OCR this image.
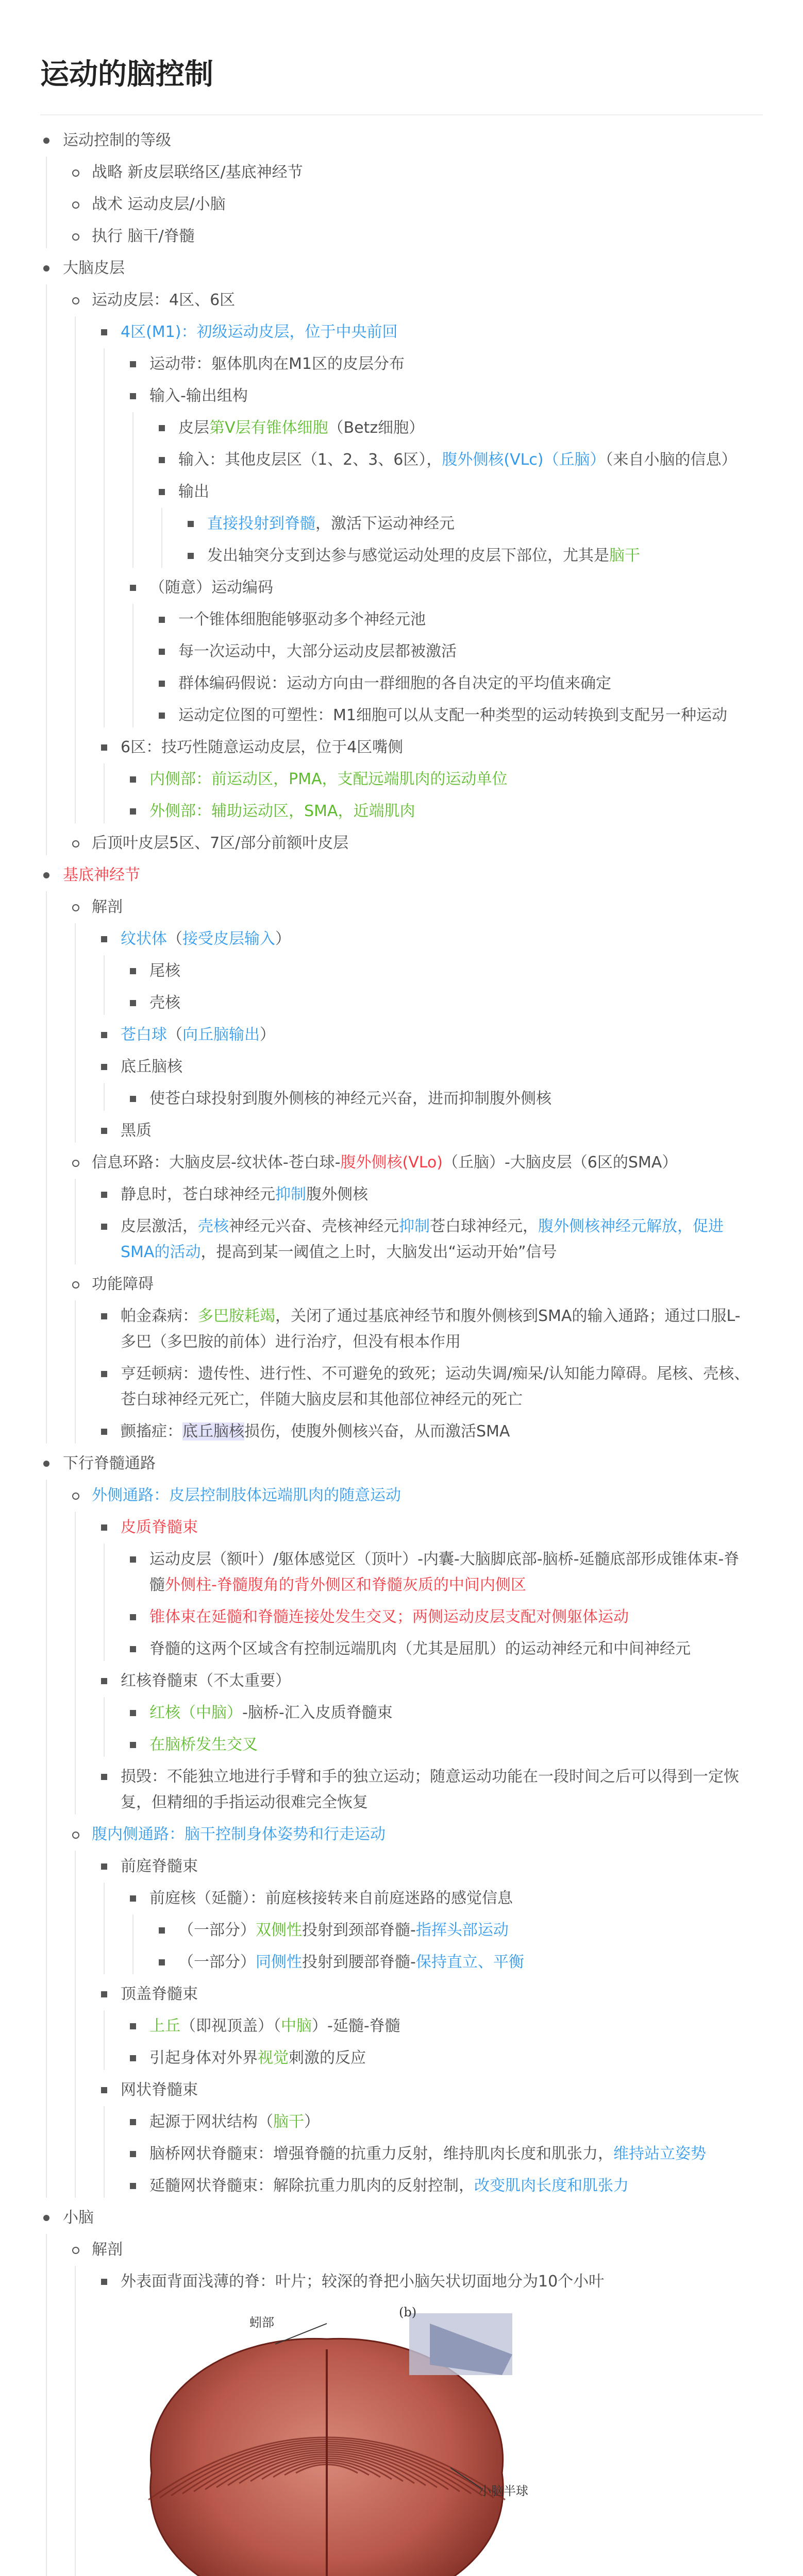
运动的脑控制
运动控制的等级
战略 新皮层联络区/基底神经节
战术 运动皮层/小脑
执行 脑干/脊髓
大脑皮层
运动皮层：4区、6区
4区(M1)：初级运动皮层，位于中央前回
运动带：躯体肌肉在M1区的皮层分布
输入-输出组构
皮层第V层有锥体细胞（Betz细胞）
输入：其他皮层区（1、2、3、6区），腹外侧核(VLc)（丘脑）（来自小脑的信息）
输出
直接投射到脊髓，激活下运动神经元
发出轴突分支到达参与感觉运动处理的皮层下部位，尤其是脑干
（随意）运动编码
一个锥体细胞能够驱动多个神经元池
每一次运动中，大部分运动皮层都被激活
群体编码假说：运动方向由一群细胞的各自决定的平均值来确定
运动定位图的可塑性：M1细胞可以从支配一种类型的运动转换到支配另一种运动
6区：技巧性随意运动皮层，位于4区嘴侧
内侧部：前运动区，PMA，支配远端肌肉的运动单位
外侧部：辅助运动区，SMA，近端肌肉
后顶叶皮层5区、7区/部分前额叶皮层
基底神经节
解剖
纹状体（接受皮层输入）
尾核
壳核
苍白球（向丘脑输出）
底丘脑核
使苍白球投射到腹外侧核的神经元兴奋，进而抑制腹外侧核
黑质
信息环路：大脑皮层-纹状体-苍白球-腹外侧核(VLo)（丘脑）-大脑皮层（6区的SMA）
静息时，苍白球神经元抑制腹外侧核
皮层激活，壳核神经元兴奋、壳核神经元抑制苍白球神经元，腹外侧核神经元解放，促进SMA的活动，提高到某一阈值之上时，大脑发出“运动开始”信号
功能障碍
帕金森病：多巴胺耗竭，关闭了通过基底神经节和腹外侧核到SMA的输入通路；通过口服L-多巴（多巴胺的前体）进行治疗，但没有根本作用
亨廷顿病：遗传性、进行性、不可避免的致死；运动失调/痴呆/认知能力障碍。尾核、壳核、苍白球神经元死亡，伴随大脑皮层和其他部位神经元的死亡
颤搐症：底丘脑核损伤，使腹外侧核兴奋，从而激活SMA
下行脊髓通路
外侧通路：皮层控制肢体远端肌肉的随意运动
皮质脊髓束
运动皮层（额叶）/躯体感觉区（顶叶）-内囊-大脑脚底部-脑桥-延髓底部形成锥体束-脊髓外侧柱-脊髓腹角的背外侧区和脊髓灰质的中间内侧区
锥体束在延髓和脊髓连接处发生交叉；两侧运动皮层支配对侧躯体运动
脊髓的这两个区域含有控制远端肌肉（尤其是屈肌）的运动神经元和中间神经元
红核脊髓束（不太重要）
红核（中脑）-脑桥-汇入皮质脊髓束
在脑桥发生交叉
损毁：不能独立地进行手臂和手的独立运动；随意运动功能在一段时间之后可以得到一定恢复，但精细的手指运动很难完全恢复
腹内侧通路：脑干控制身体姿势和行走运动
前庭脊髓束
前庭核（延髓）：前庭核接转来自前庭迷路的感觉信息
（一部分）双侧性投射到颈部脊髓-指挥头部运动
（一部分）同侧性投射到腰部脊髓-保持直立、平衡
顶盖脊髓束
上丘（即视顶盖）（中脑）-延髓-脊髓
引起身体对外界视觉刺激的反应
网状脊髓束
起源于网状结构（脑干）
脑桥网状脊髓束：增强脊髓的抗重力反射，维持肌肉长度和肌张力，维持站立姿势
延髓网状脊髓束：解除抗重力肌肉的反射控制，改变肌肉长度和肌张力
小脑
解剖
外表面背面浅薄的脊：叶片；较深的脊把小脑矢状切面地分为10个小叶
蚓部
小脑半球
(b)
